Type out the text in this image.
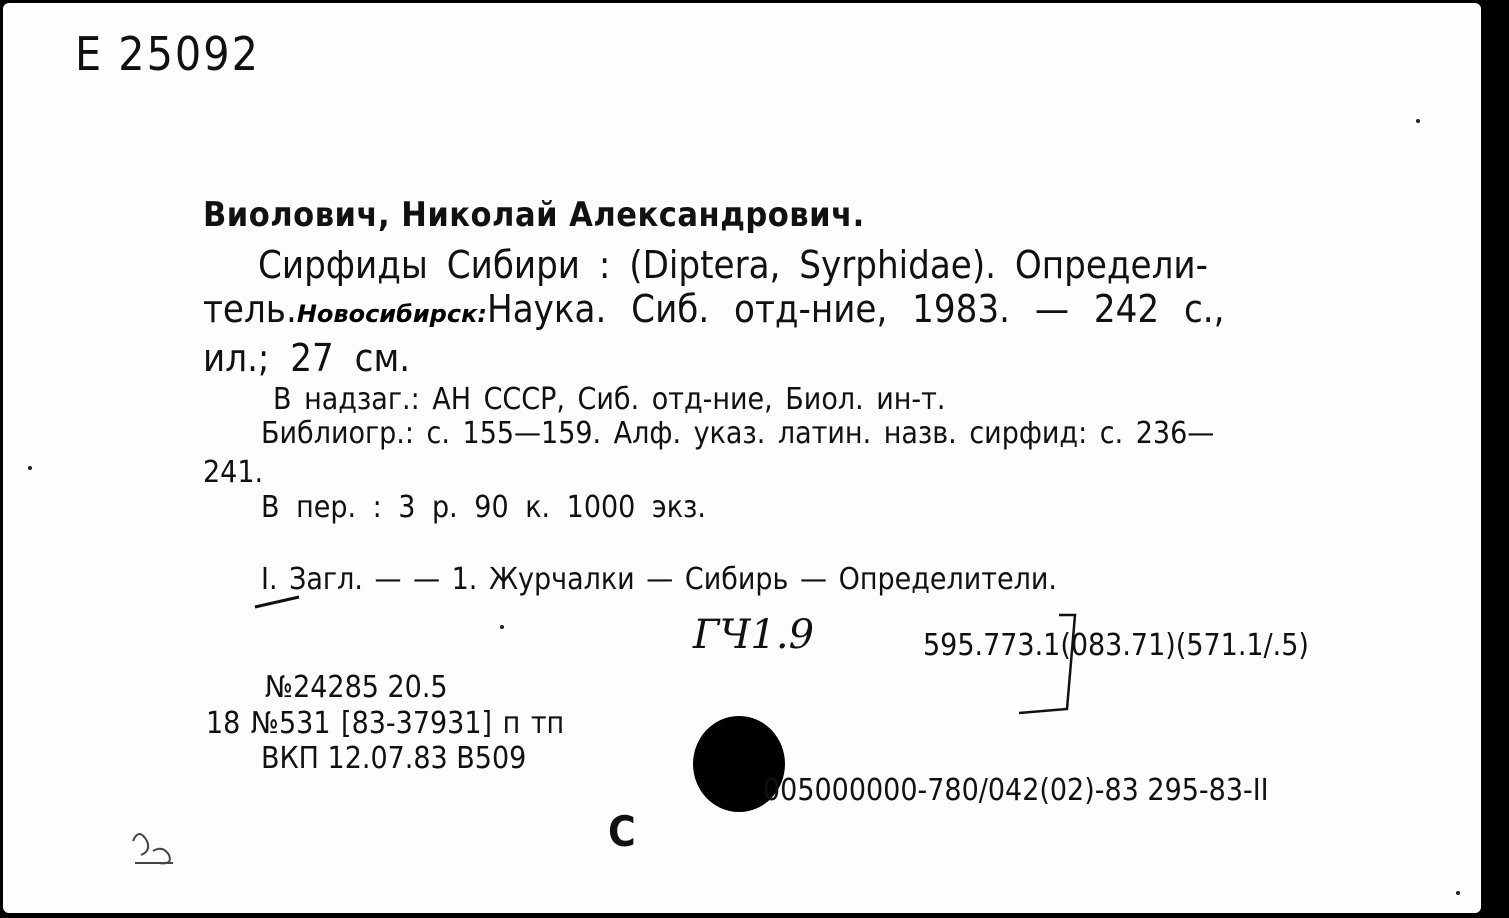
Е 25092
Виолович, Николай Александрович.
Сирфиды Сибири : (Diptera, Syrphidae). Определи-
тель.Новосибирск:Наука. Сиб. отд-ние, 1983. — 242 с.,
ил.; 27 см.
В надзаг.: АН СССР, Сиб. отд-ние, Биол. ин-т.
Библиогр.: с. 155—159. Алф. указ. латин. назв. сирфид: с. 236—
241.
В пер. : 3 р. 90 к. 1000 экз.
I. Загл. — — 1. Журчалки — Сибирь — Определители.
ГЧ1.9	595.773.1(083.71)(571.1/.5)
№24285 20.5
18 №531 [83-37931] п тп
ВКП 12.07.83 В509
005000000-780/042(02)-83 295-83-II
С
